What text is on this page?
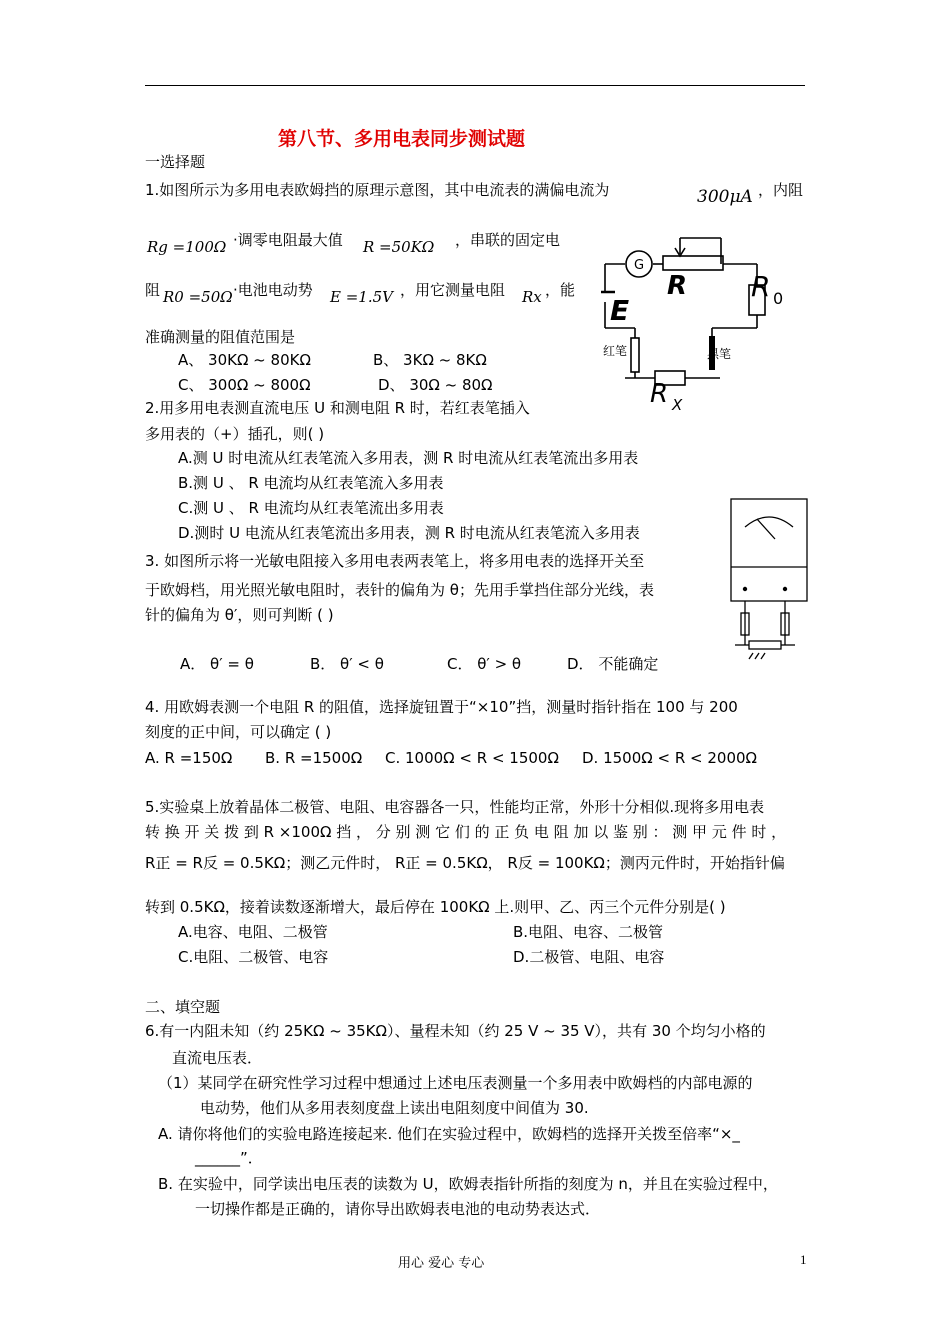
第八节、多用电表同步测试题
一选择题
1.如图所示为多用电表欧姆挡的原理示意图，其中电流表的满偏电流为	300μA ，内阻
Rg =100Ω ·调零电阻最大值 R =50KΩ ，串联的固定电
阻 R0 =50Ω ·电池电动势 E =1.5V ，用它测量电阻 Rx ，能
准确测量的阻值范围是
A、 30KΩ ~ 80KΩ	B、 3KΩ ~ 8KΩ
C、 300Ω ~ 800Ω	D、 30Ω ~ 80Ω
G
R R 0
E
红笔	黑笔
R X
2.用多用电表测直流电压 U 和测电阻 R 时，若红表笔插入
多用表的（+）插孔，则( )
A.测 U 时电流从红表笔流入多用表，测 R 时电流从红表笔流出多用表
B.测 U 、 R 电流均从红表笔流入多用表
C.测 U 、 R 电流均从红表笔流出多用表
D.测时 U 电流从红表笔流出多用表，测 R 时电流从红表笔流入多用表
3. 如图所示将一光敏电阻接入多用电表两表笔上，将多用电表的选择开关至
于欧姆档，用光照光敏电阻时，表针的偏角为 θ；先用手掌挡住部分光线，表
针的偏角为 θ′，则可判断 ( )
A． θ′ = θ	B． θ′ < θ	C． θ′ > θ	D． 不能确定
4. 用欧姆表测一个电阻 R 的阻值，选择旋钮置于“×10”挡，测量时指针指在 100 与 200
刻度的正中间，可以确定 ( )
A. R =150Ω B. R =1500Ω C. 1000Ω < R < 1500Ω D. 1500Ω < R < 2000Ω
5.实验桌上放着晶体二极管、电阻、电容器各一只，性能均正常，外形十分相似.现将多用电表
转 换 开 关 拨 到 R ×100Ω 挡 ， 分 别 测 它 们 的 正 负 电 阻 加 以 鉴 别 ： 测 甲 元 件 时 ，
R正 = R反 = 0.5KΩ；测乙元件时， R正 = 0.5KΩ， R反 = 100KΩ；测丙元件时，开始指针偏
转到 0.5KΩ，接着读数逐渐增大，最后停在 100KΩ 上.则甲、乙、丙三个元件分别是( )
A.电容、电阻、二极管	B.电阻、电容、二极管
C.电阻、二极管、电容	D.二极管、电阻、电容
二、填空题
6.有一内阻未知（约 25KΩ ~ 35KΩ）、量程未知（约 25 V ~ 35 V），共有 30 个均匀小格的
直流电压表．
（1）某同学在研究性学习过程中想通过上述电压表测量一个多用表中欧姆档的内部电源的
电动势，他们从多用表刻度盘上读出电阻刻度中间值为 30.
A. 请你将他们的实验电路连接起来. 他们在实验过程中，欧姆档的选择开关拨至倍率“×_
______”．
B. 在实验中，同学读出电压表的读数为 U，欧姆表指针所指的刻度为 n，并且在实验过程中，
一切操作都是正确的，请你导出欧姆表电池的电动势表达式．
用心 爱心 专心	1
